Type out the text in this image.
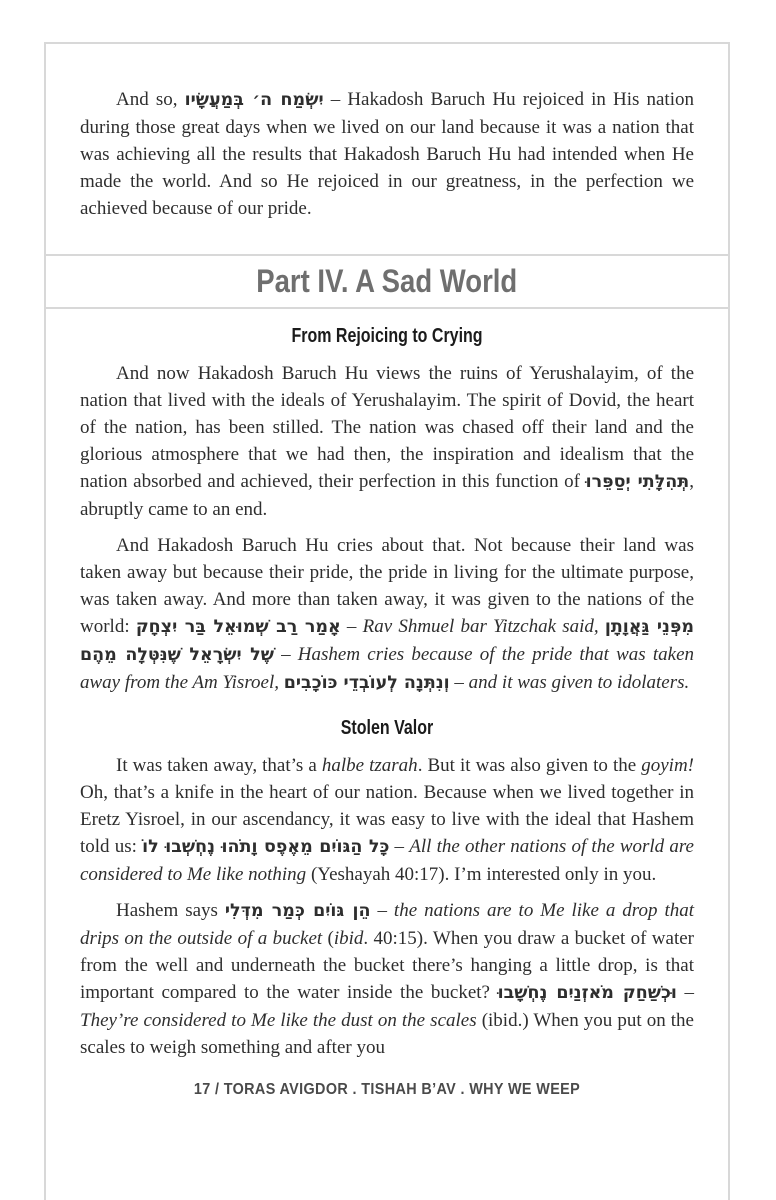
And so, יִשְׂמַח ה׳ בְּמַעֲשָׂיו – Hakadosh Baruch Hu rejoiced in His nation during those great days when we lived on our land because it was a nation that was achieving all the results that Hakadosh Baruch Hu had intended when He made the world. And so He rejoiced in our greatness, in the perfection we achieved because of our pride.

Part IV. A Sad World
From Rejoicing to Crying

And now Hakadosh Baruch Hu views the ruins of Yerushalayim, of the nation that lived with the ideals of Yerushalayim. The spirit of Dovid, the heart of the nation, has been stilled. The nation was chased off their land and the glorious atmosphere that we had then, the inspiration and idealism that the nation absorbed and achieved, their perfection in this function of תְּהִלָּתִי יְסַפֵּרוּ, abruptly came to an end.

And Hakadosh Baruch Hu cries about that. Not because their land was taken away but because their pride, the pride in living for the ultimate purpose, was taken away. And more than taken away, it was given to the nations of the world: אָמַר רַב שְׁמוּאֵל בַּר יִצְחָק – Rav Shmuel bar Yitzchak said, מִפְּנֵי גַּאֲוָתָן שֶׁל יִשְׂרָאֵל שֶׁנִּטְּלָה מֵהֶם – Hashem cries because of the pride that was taken away from the Am Yisroel, וְנִתְּנָה לְעוֹבְדֵי כּוֹכָבִים – and it was given to idolaters.

Stolen Valor

It was taken away, that’s a halbe tzarah. But it was also given to the goyim! Oh, that’s a knife in the heart of our nation. Because when we lived together in Eretz Yisroel, in our ascendancy, it was easy to live with the ideal that Hashem told us: כָּל הַגּוֹיִם מֵאֶפֶס וָתֹהוּ נֶחְשְׁבוּ לוֹ – All the other nations of the world are considered to Me like nothing (Yeshayah 40:17). I’m interested only in you.

Hashem says הֵן גּוֹיִם כְּמַר מִדְּלִי – the nations are to Me like a drop that drips on the outside of a bucket (ibid. 40:15). When you draw a bucket of water from the well and underneath the bucket there’s hanging a little drop, is that important compared to the water inside the bucket? וּכְשַׁחַק מֹאזְנַיִם נֶחְשָׁבוּ – They’re considered to Me like the dust on the scales (ibid.) When you put on the scales to weigh something and after you

17 / TORAS AVIGDOR . TISHAH B’AV . WHY WE WEEP
